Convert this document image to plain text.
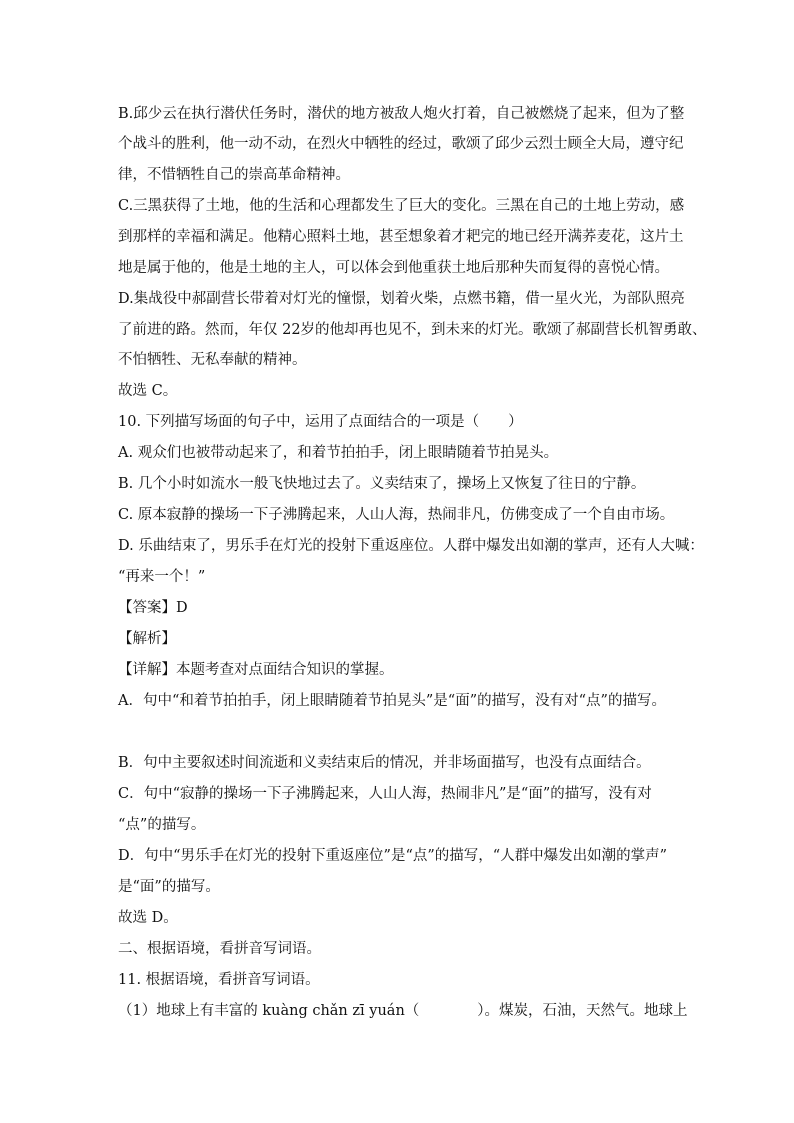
B.邱少云在执行潜伏任务时，潜伏的地方被敌人炮火打着，自己被燃烧了起来，但为了整
个战斗的胜利，他一动不动，在烈火中牺牲的经过，歌颂了邱少云烈士顾全大局，遵守纪
律，不惜牺牲自己的崇高革命精神。
C.三黑获得了土地，他的生活和心理都发生了巨大的变化。三黑在自己的土地上劳动，感
到那样的幸福和满足。他精心照料土地，甚至想象着才耙完的地已经开满荞麦花，这片土
地是属于他的，他是土地的主人，可以体会到他重获土地后那种失而复得的喜悦心情。
D.集战役中郝副营长带着对灯光的憧憬，划着火柴，点燃书籍，借一星火光，为部队照亮
了前进的路。然而，年仅 22岁的他却再也见不，到未来的灯光。歌颂了郝副营长机智勇敢、
不怕牺牲、无私奉献的精神。
故选 C。
10. 下列描写场面的句子中，运用了点面结合的一项是（　　）
A. 观众们也被带动起来了，和着节拍拍手，闭上眼睛随着节拍晃头。
B. 几个小时如流水一般飞快地过去了。义卖结束了，操场上又恢复了往日的宁静。
C. 原本寂静的操场一下子沸腾起来，人山人海，热闹非凡，仿佛变成了一个自由市场。
D. 乐曲结束了，男乐手在灯光的投射下重返座位。人群中爆发出如潮的掌声，还有人大喊：
“再来一个！”
【答案】D
【解析】
【详解】本题考查对点面结合知识的掌握。
A．句中“和着节拍拍手，闭上眼睛随着节拍晃头”是“面”的描写，没有对“点”的描写。
B．句中主要叙述时间流逝和义卖结束后的情况，并非场面描写，也没有点面结合。
C．句中“寂静的操场一下子沸腾起来，人山人海，热闹非凡”是“面”的描写，没有对
“点”的描写。
D．句中“男乐手在灯光的投射下重返座位”是“点”的描写，“人群中爆发出如潮的掌声”
是“面”的描写。
故选 D。
二、根据语境，看拼音写词语。
11. 根据语境，看拼音写词语。
（1）地球上有丰富的 kuàng chǎn zī yuán（　　　　）。煤炭，石油，天然气。地球上
